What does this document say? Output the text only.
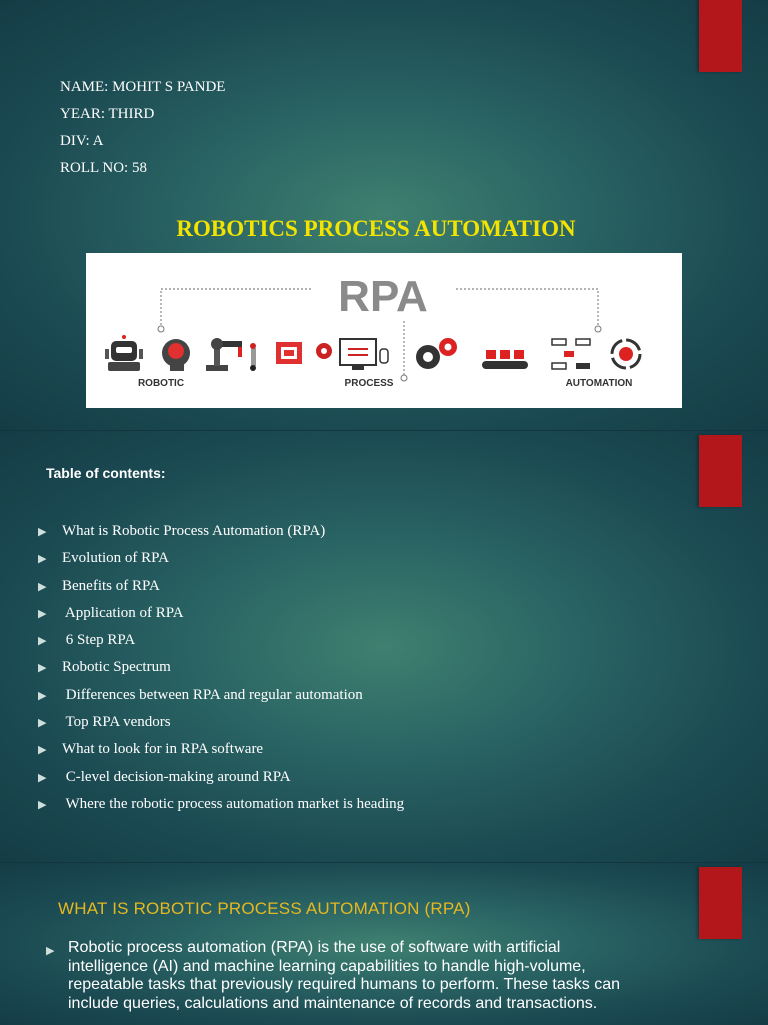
NAME: MOHIT S PANDE
YEAR: THIRD
DIV: A
ROLL NO: 58
ROBOTICS PROCESS AUTOMATION
RPA
ROBOTIC	PROCESS	AUTOMATION
Table of contents:
▶	What is Robotic Process Automation (RPA)
▶	Evolution of RPA
▶	Benefits of RPA
▶	Application of RPA
▶	6 Step RPA
▶	Robotic Spectrum
▶	Differences between RPA and regular automation
▶	Top RPA vendors
▶	What to look for in RPA software
▶	C-level decision-making around RPA
▶	Where the robotic process automation market is heading
WHAT IS ROBOTIC PROCESS AUTOMATION (RPA)
▶ Robotic process automation (RPA) is the use of software with artificial intelligence (AI) and machine learning capabilities to handle high-volume, repeatable tasks that previously required humans to perform. These tasks can include queries, calculations and maintenance of records and transactions.
